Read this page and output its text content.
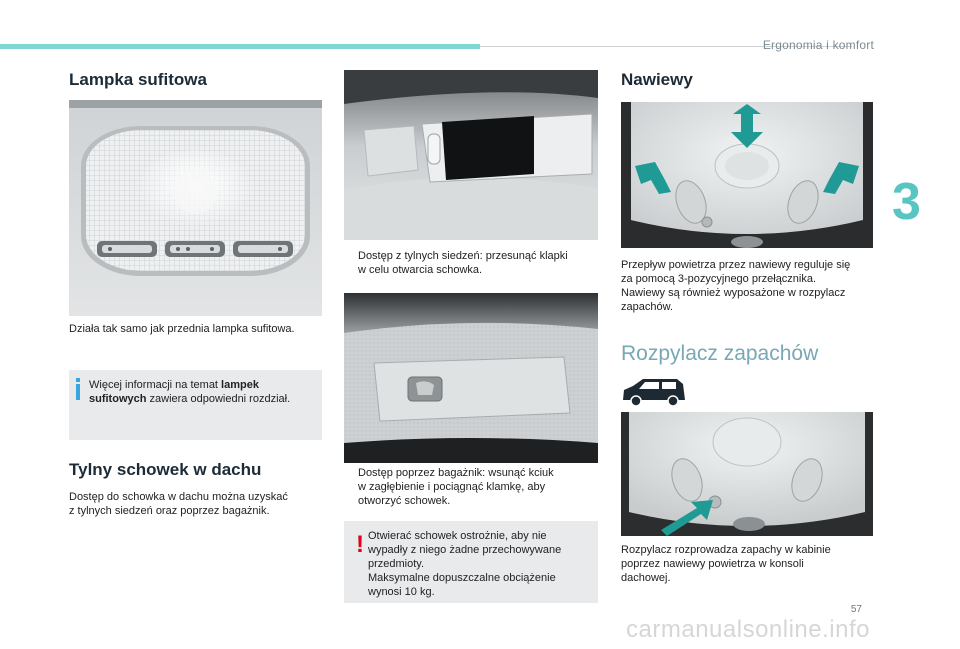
Ergonomia i komfort
3
57
carmanualsonline.info
Lampka sufitowa
Działa tak samo jak przednia lampka sufitowa.
Więcej informacji na temat lampek sufitowych zawiera odpowiedni rozdział.
Tylny schowek w dachu
Dostęp do schowka w dachu można uzyskać
z tylnych siedzeń oraz poprzez bagażnik.
Dostęp z tylnych siedzeń: przesunąć klapki
w celu otwarcia schowka.
Dostęp poprzez bagażnik: wsunąć kciuk
w zagłębienie i pociągnąć klamkę, aby
otworzyć schowek.
! Otwierać schowek ostrożnie, aby nie
wypadły z niego żadne przechowywane
przedmioty.
Maksymalne dopuszczalne obciążenie
wynosi 10 kg.
Nawiewy
Przepływ powietrza przez nawiewy reguluje się
za pomocą 3-pozycyjnego przełącznika.
Nawiewy są również wyposażone w rozpylacz
zapachów.
Rozpylacz zapachów
Rozpylacz rozprowadza zapachy w kabinie
poprzez nawiewy powietrza w konsoli
dachowej.
